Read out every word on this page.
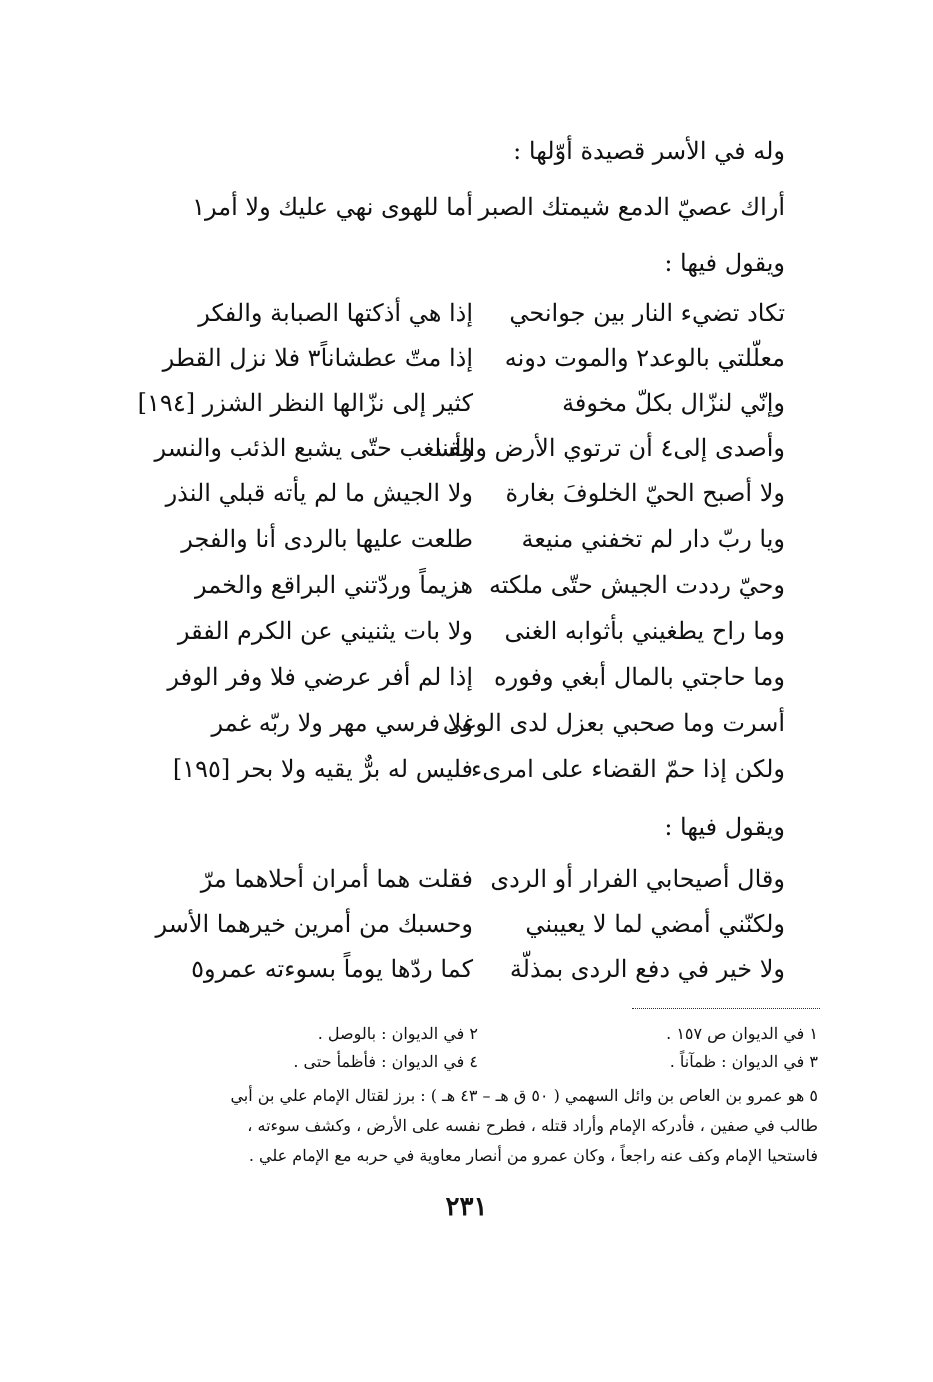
وله في الأسر قصيدة أوّلها :
أراك عصيّ الدمع شيمتك الصبر
أما للهوى نهي عليك ولا أمر١
ويقول فيها :
تكاد تضيء النار بين جوانحي
إذا هي أذكتها الصبابة والفكر
معلّلتي بالوعد٢ والموت دونه
إذا متّ عطشاناً٣ فلا نزل القطر
وإنّي لنزّال بكلّ مخوفة
كثير إلى نزّالها النظر الشزر [١٩٤]
وأصدى إلى٤ أن ترتوي الأرض والقنا
وأسغب حتّى يشبع الذئب والنسر
ولا أصبح الحيّ الخلوفَ بغارة
ولا الجيش ما لم يأته قبلي النذر
ويا ربّ دار لم تخفني منيعة
طلعت عليها بالردى أنا والفجر
وحيّ رددت الجيش حتّى ملكته
هزيماً وردّتني البراقع والخمر
وما راح يطغيني بأثوابه الغنى
ولا بات يثنيني عن الكرم الفقر
وما حاجتي بالمال أبغي وفوره
إذا لم أفر عرضي فلا وفر الوفر
أسرت وما صحبي بعزل لدى الوغى
ولا فرسي مهر ولا ربّه غمر
ولكن إذا حمّ القضاء على امرىء
فليس له برٌّ يقيه ولا بحر [١٩٥]
ويقول فيها :
وقال أصيحابي الفرار أو الردى
فقلت هما أمران أحلاهما مرّ
ولكنّني أمضي لما لا يعيبني
وحسبك من أمرين خيرهما الأسر
ولا خير في دفع الردى بمذلّة
كما ردّها يوماً بسوءته عمرو٥
١ في الديوان ص ١٥٧ .
٢ في الديوان : بالوصل .
٣ في الديوان : ظمآناً .
٤ في الديوان : فأظمأ حتى .
٥ هو عمرو بن العاص بن وائل السهمي ( ٥٠ ق هـ – ٤٣ هـ ) : برز لقتال الإمام علي بن أبي
طالب في صفين ، فأدركه الإمام وأراد قتله ، فطرح نفسه على الأرض ، وكشف سوءته ،
فاستحيا الإمام وكف عنه راجعاً ، وكان عمرو من أنصار معاوية في حربه مع الإمام علي .
٢٣١
